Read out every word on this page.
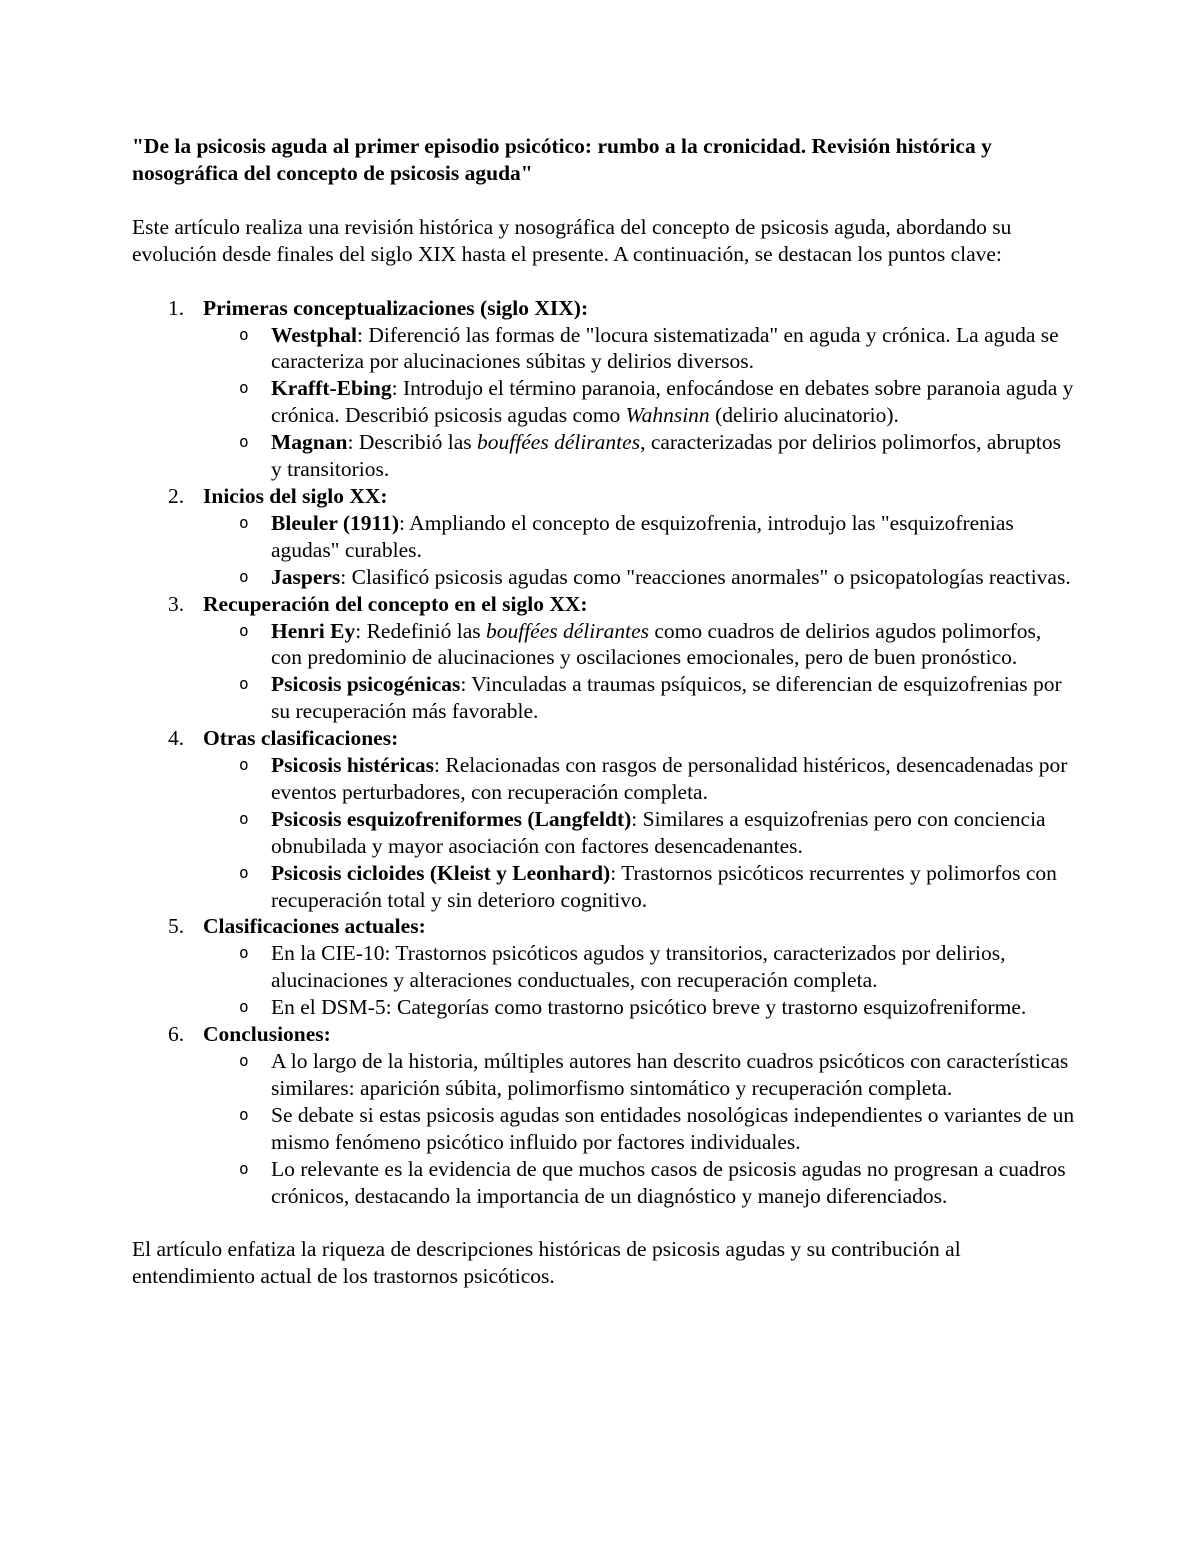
"De la psicosis aguda al primer episodio psicótico: rumbo a la cronicidad. Revisión histórica y nosográfica del concepto de psicosis aguda"

Este artículo realiza una revisión histórica y nosográfica del concepto de psicosis aguda, abordando su evolución desde finales del siglo XIX hasta el presente. A continuación, se destacan los puntos clave:

1. Primeras conceptualizaciones (siglo XIX):
o Westphal: Diferenció las formas de "locura sistematizada" en aguda y crónica. La aguda se caracteriza por alucinaciones súbitas y delirios diversos.
o Krafft-Ebing: Introdujo el término paranoia, enfocándose en debates sobre paranoia aguda y crónica. Describió psicosis agudas como Wahnsinn (delirio alucinatorio).
o Magnan: Describió las bouffées délirantes, caracterizadas por delirios polimorfos, abruptos y transitorios.
2. Inicios del siglo XX:
o Bleuler (1911): Ampliando el concepto de esquizofrenia, introdujo las "esquizofrenias agudas" curables.
o Jaspers: Clasificó psicosis agudas como "reacciones anormales" o psicopatologías reactivas.
3. Recuperación del concepto en el siglo XX:
o Henri Ey: Redefinió las bouffées délirantes como cuadros de delirios agudos polimorfos, con predominio de alucinaciones y oscilaciones emocionales, pero de buen pronóstico.
o Psicosis psicogénicas: Vinculadas a traumas psíquicos, se diferencian de esquizofrenias por su recuperación más favorable.
4. Otras clasificaciones:
o Psicosis histéricas: Relacionadas con rasgos de personalidad histéricos, desencadenadas por eventos perturbadores, con recuperación completa.
o Psicosis esquizofreniformes (Langfeldt): Similares a esquizofrenias pero con conciencia obnubilada y mayor asociación con factores desencadenantes.
o Psicosis cicloides (Kleist y Leonhard): Trastornos psicóticos recurrentes y polimorfos con recuperación total y sin deterioro cognitivo.
5. Clasificaciones actuales:
o En la CIE-10: Trastornos psicóticos agudos y transitorios, caracterizados por delirios, alucinaciones y alteraciones conductuales, con recuperación completa.
o En el DSM-5: Categorías como trastorno psicótico breve y trastorno esquizofreniforme.
6. Conclusiones:
o A lo largo de la historia, múltiples autores han descrito cuadros psicóticos con características similares: aparición súbita, polimorfismo sintomático y recuperación completa.
o Se debate si estas psicosis agudas son entidades nosológicas independientes o variantes de un mismo fenómeno psicótico influido por factores individuales.
o Lo relevante es la evidencia de que muchos casos de psicosis agudas no progresan a cuadros crónicos, destacando la importancia de un diagnóstico y manejo diferenciados.

El artículo enfatiza la riqueza de descripciones históricas de psicosis agudas y su contribución al entendimiento actual de los trastornos psicóticos.
